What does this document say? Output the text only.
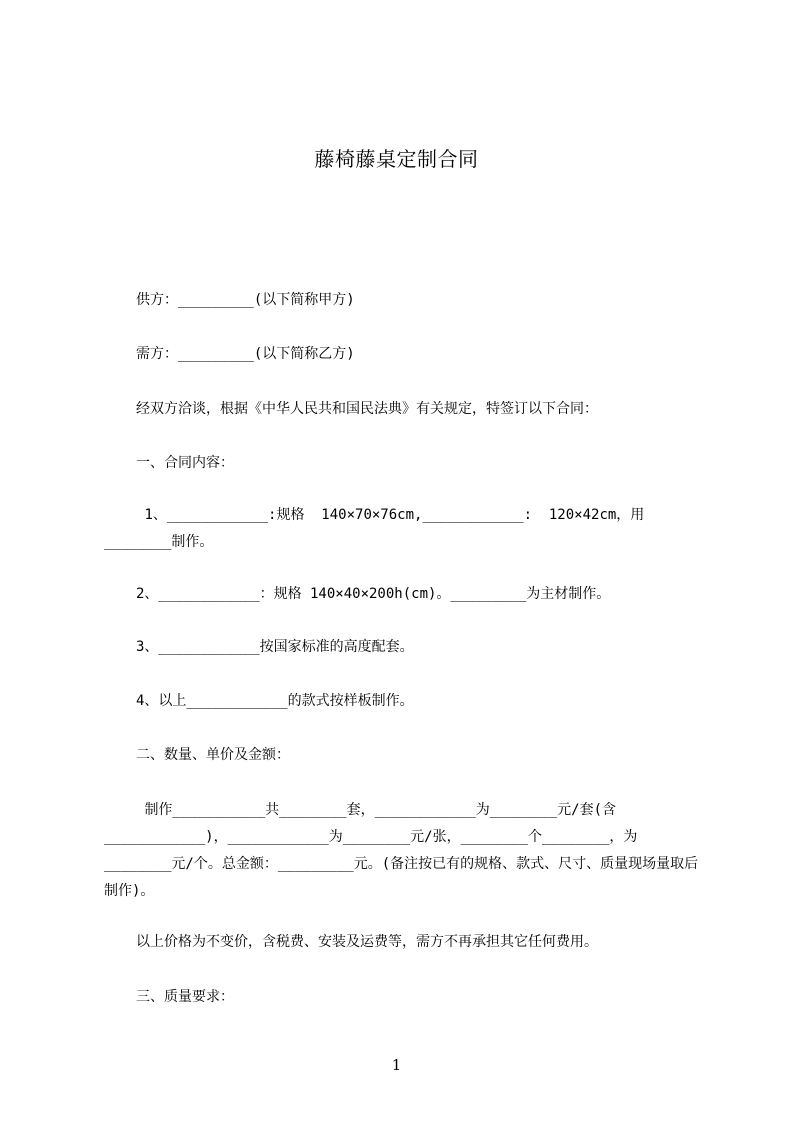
藤椅藤桌定制合同
供方：_________(以下简称甲方)
需方：_________(以下简称乙方)
经双方洽谈，根据《中华人民共和国民法典》有关规定，特签订以下合同：
一、合同内容：
1、____________:规格  140×70×76cm,____________:  120×42cm，用________制作。
2、____________：规格 140×40×200h(cm)。_________为主材制作。
3、____________按国家标准的高度配套。
4、以上____________的款式按样板制作。
二、数量、单价及金额：
制作___________共________套，____________为________元/套(含____________)，____________为________元/张，________个________，为________元/个。总金额：_________元。(备注按已有的规格、款式、尺寸、质量现场量取后制作)。
以上价格为不变价，含税费、安装及运费等，需方不再承担其它任何费用。
三、质量要求：
1
